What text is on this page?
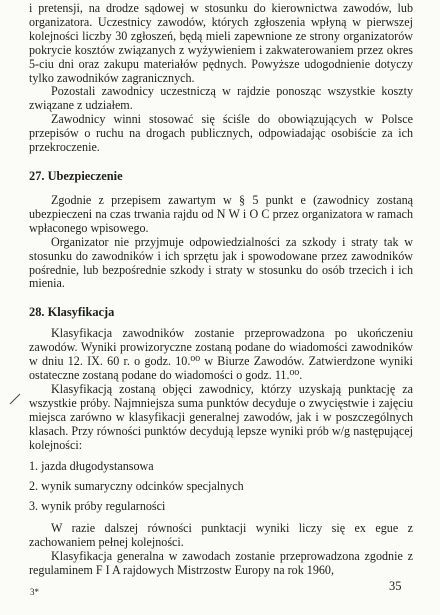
i pretensji, na drodze sądowej w stosunku do kierownictwa zawodów, lub organizatora. Uczestnicy zawodów, których zgłoszenia wpłyną w pierwszej kolejności liczby 30 zgłoszeń, będą mieli zapewnione ze strony organizatorów pokrycie kosztów związanych z wyżywieniem i zakwaterowaniem przez okres 5-ciu dni oraz zakupu materiałów pędnych. Powyższe udogodnienie dotyczy tylko zawodników zagranicznych.

Pozostali zawodnicy uczestniczą w rajdzie ponosząc wszystkie koszty związane z udziałem.

Zawodnicy winni stosować się ściśle do obowiązujących w Polsce przepisów o ruchu na drogach publicznych, odpowiadając osobiście za ich przekroczenie.

27. Ubezpieczenie

Zgodnie z przepisem zawartym w § 5 punkt e (zawodnicy zostaną ubezpieczeni na czas trwania rajdu od N W i O C przez organizatora w ramach wpłaconego wpisowego.

Organizator nie przyjmuje odpowiedzialności za szkody i straty tak w stosunku do zawodników i ich sprzętu jak i spowodowane przez zawodników pośrednie, lub bezpośrednie szkody i straty w stosunku do osób trzecich i ich mienia.

28. Klasyfikacja

Klasyfikacja zawodników zostanie przeprowadzona po ukończeniu zawodów. Wyniki prowizoryczne zostaną podane do wiadomości zawodników w dniu 12. IX. 60 r. o godz. 10.⁰⁰ w Biurze Zawodów. Zatwierdzone wyniki ostateczne zostaną podane do wiadomości o godz. 11.⁰⁰.

Klasyfikacją zostaną objęci zawodnicy, którzy uzyskają punktację za wszystkie próby. Najmniejsza suma punktów decyduje o zwycięstwie i zajęciu miejsca zarówno w klasyfikacji generalnej zawodów, jak i w poszczególnych klasach. Przy równości punktów decydują lepsze wyniki prób w/g następującej kolejności:

1. jazda długodystansowa
2. wynik sumaryczny odcinków specjalnych
3. wynik próby regularności

W razie dalszej równości punktacji wyniki liczy się ex egue z zachowaniem pełnej kolejności.

Klasyfikacja generalna w zawodach zostanie przeprowadzona zgodnie z regulaminem F I A rajdowych Mistrzostw Europy na rok 1960,

3*	35
